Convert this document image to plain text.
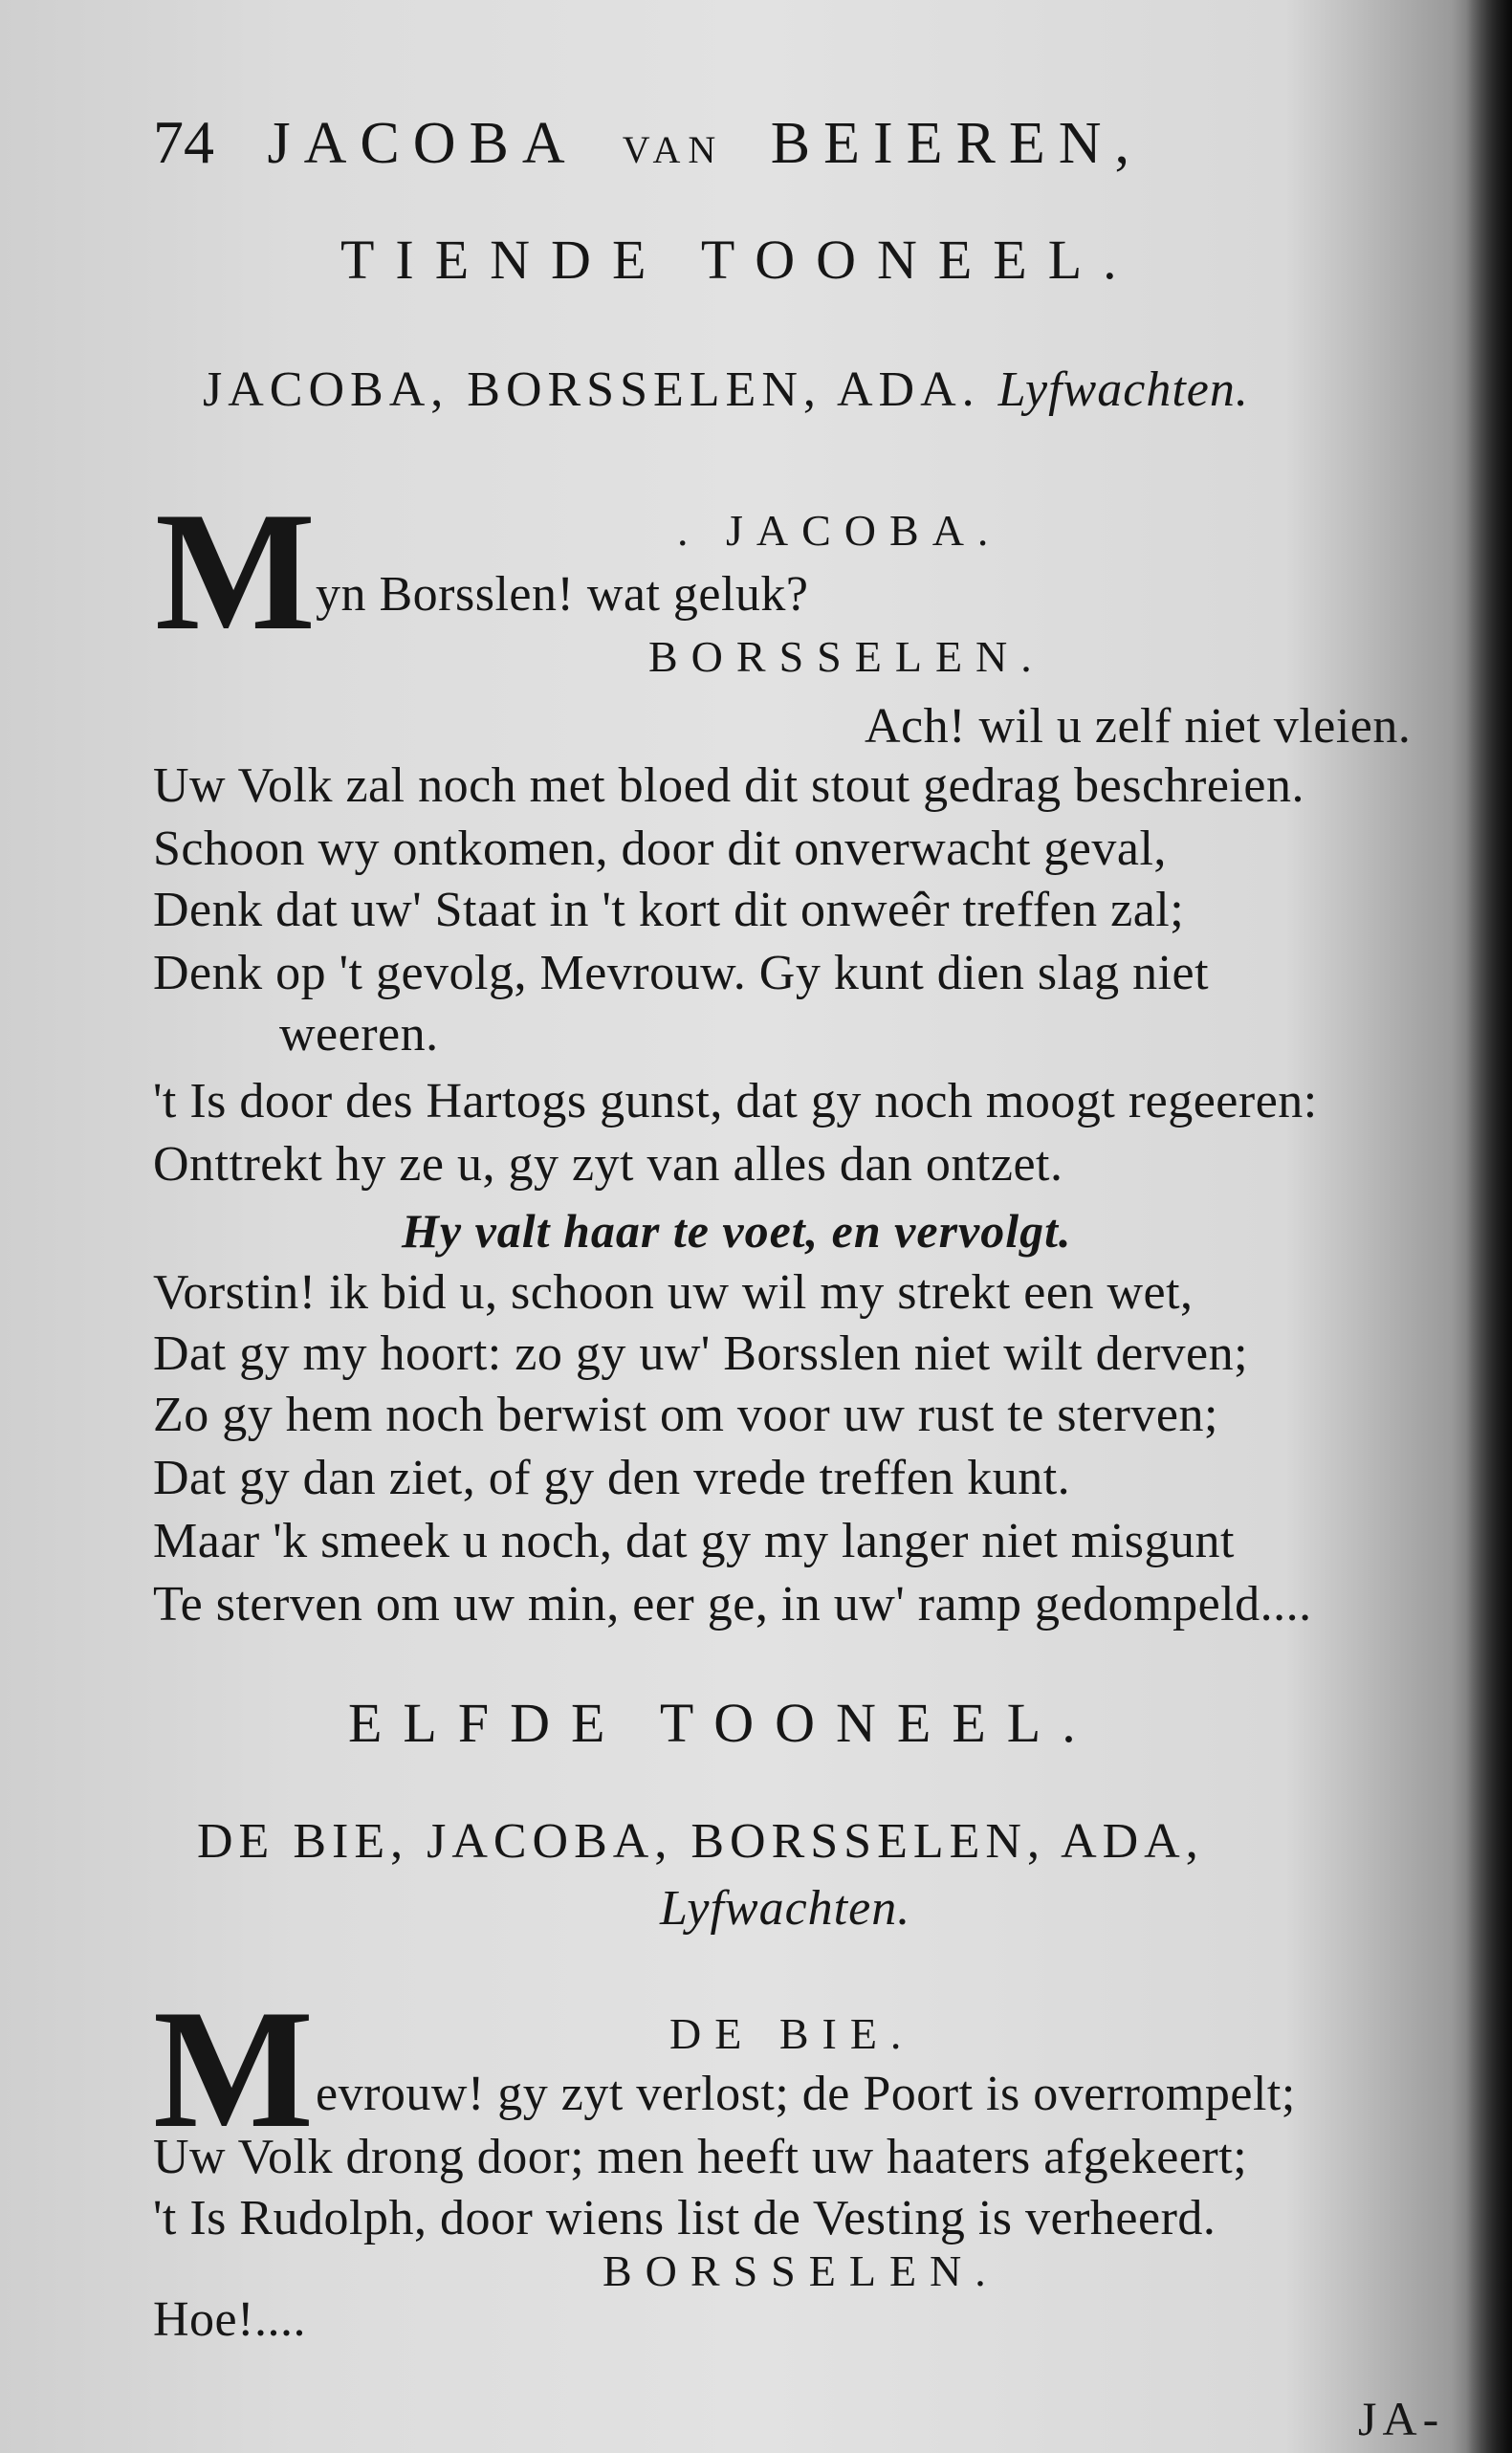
74 JACOBA VAN BEIEREN,
TIENDE TOONEEL.
JACOBA, BORSSELEN, ADA. Lyfwachten.
. JACOBA.
M yn Borsslen! wat geluk?
BORSSELEN.
Ach! wil u zelf niet vleien.
Uw Volk zal noch met bloed dit stout gedrag beschreien.
Schoon wy ontkomen, door dit onverwacht geval,
Denk dat uw' Staat in 't kort dit onweêr treffen zal;
Denk op 't gevolg, Mevrouw. Gy kunt dien slag niet
weeren.
't Is door des Hartogs gunst, dat gy noch moogt regeeren:
Onttrekt hy ze u, gy zyt van alles dan ontzet.
Hy valt haar te voet, en vervolgt.
Vorstin! ik bid u, schoon uw wil my strekt een wet,
Dat gy my hoort: zo gy uw' Borsslen niet wilt derven;
Zo gy hem noch berwist om voor uw rust te sterven;
Dat gy dan ziet, of gy den vrede treffen kunt.
Maar 'k smeek u noch, dat gy my langer niet misgunt
Te sterven om uw min, eer ge, in uw' ramp gedompeld....
ELFDE TOONEEL.
DE BIE, JACOBA, BORSSELEN, ADA,
Lyfwachten.
DE BIE.
M evrouw! gy zyt verlost; de Poort is overrompelt;
Uw Volk drong door; men heeft uw haaters afgekeert;
't Is Rudolph, door wiens list de Vesting is verheerd.
BORSSELEN.
Hoe!....
JA-
